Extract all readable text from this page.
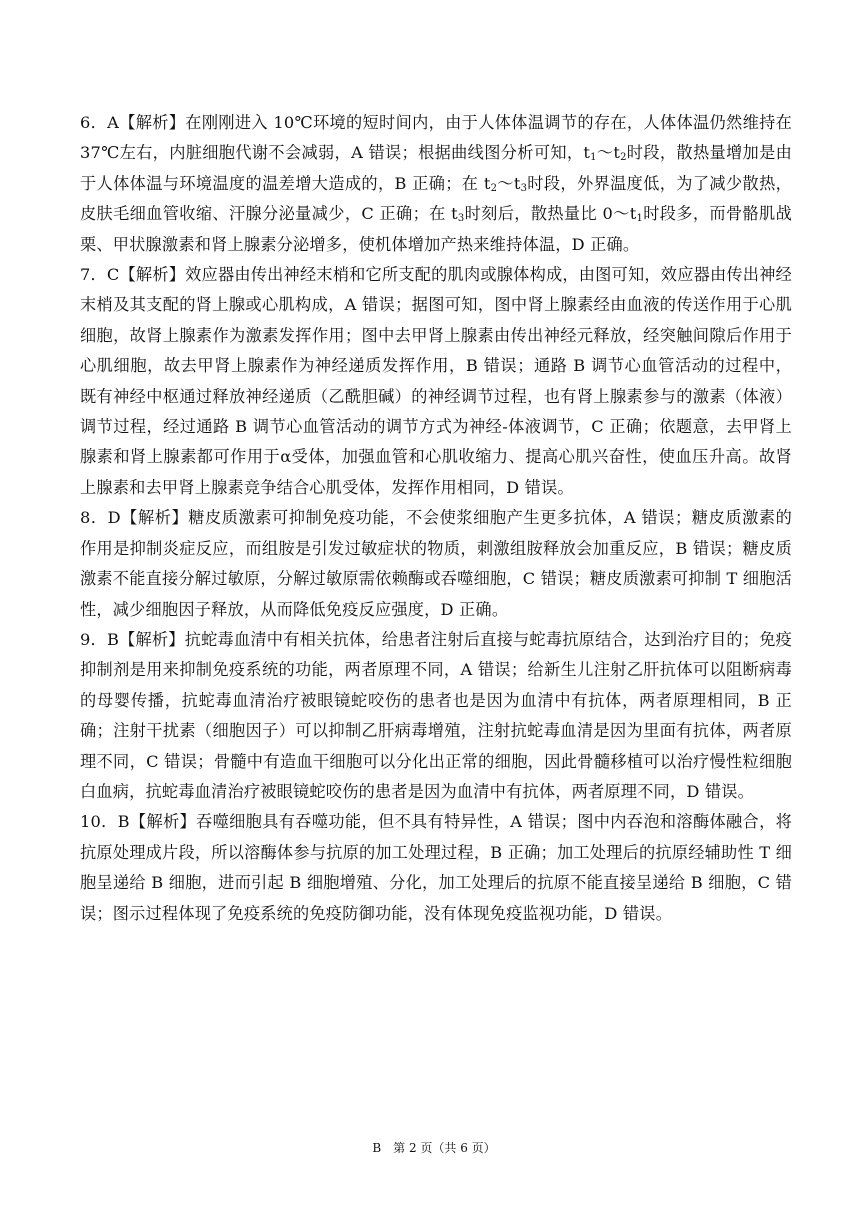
6．A【解析】在刚刚进入 10℃环境的短时间内，由于人体体温调节的存在，人体体温仍然维持在 37℃左右，内脏细胞代谢不会减弱，A 错误；根据曲线图分析可知，$t_1\sim t_2$时段，散热量增加是由于人体体温与环境温度的温差增大造成的，B 正确；在 $t_2\sim t_3$时段，外界温度低，为了减少散热，皮肤毛细血管收缩、汗腺分泌量减少，C 正确；在 $t_3$时刻后，散热量比 $0\sim t_1$时段多，而骨骼肌战栗、甲状腺激素和肾上腺素分泌增多，使机体增加产热来维持体温，D 正确。

7．C【解析】效应器由传出神经末梢和它所支配的肌肉或腺体构成，由图可知，效应器由传出神经末梢及其支配的肾上腺或心肌构成，A 错误；据图可知，图中肾上腺素经由血液的传送作用于心肌细胞，故肾上腺素作为激素发挥作用；图中去甲肾上腺素由传出神经元释放，经突触间隙后作用于心肌细胞，故去甲肾上腺素作为神经递质发挥作用，B 错误；通路 B 调节心血管活动的过程中，既有神经中枢通过释放神经递质（乙酰胆碱）的神经调节过程，也有肾上腺素参与的激素（体液）调节过程，经过通路 B 调节心血管活动的调节方式为神经-体液调节，C 正确；依题意，去甲肾上腺素和肾上腺素都可作用于α受体，加强血管和心肌收缩力、提高心肌兴奋性，使血压升高。故肾上腺素和去甲肾上腺素竞争结合心肌受体，发挥作用相同，D 错误。

8．D【解析】糖皮质激素可抑制免疫功能，不会使浆细胞产生更多抗体，A 错误；糖皮质激素的作用是抑制炎症反应，而组胺是引发过敏症状的物质，刺激组胺释放会加重反应，B 错误；糖皮质激素不能直接分解过敏原，分解过敏原需依赖酶或吞噬细胞，C 错误；糖皮质激素可抑制 T 细胞活性，减少细胞因子释放，从而降低免疫反应强度，D 正确。

9．B【解析】抗蛇毒血清中有相关抗体，给患者注射后直接与蛇毒抗原结合，达到治疗目的；免疫抑制剂是用来抑制免疫系统的功能，两者原理不同，A 错误；给新生儿注射乙肝抗体可以阻断病毒的母婴传播，抗蛇毒血清治疗被眼镜蛇咬伤的患者也是因为血清中有抗体，两者原理相同，B 正确；注射干扰素（细胞因子）可以抑制乙肝病毒增殖，注射抗蛇毒血清是因为里面有抗体，两者原理不同，C 错误；骨髓中有造血干细胞可以分化出正常的细胞，因此骨髓移植可以治疗慢性粒细胞白血病，抗蛇毒血清治疗被眼镜蛇咬伤的患者是因为血清中有抗体，两者原理不同，D 错误。

10．B【解析】吞噬细胞具有吞噬功能，但不具有特异性，A 错误；图中内吞泡和溶酶体融合，将抗原处理成片段，所以溶酶体参与抗原的加工处理过程，B 正确；加工处理后的抗原经辅助性 T 细胞呈递给 B 细胞，进而引起 B 细胞增殖、分化，加工处理后的抗原不能直接呈递给 B 细胞，C 错误；图示过程体现了免疫系统的免疫防御功能，没有体现免疫监视功能，D 错误。

B　第 2 页（共 6 页）
